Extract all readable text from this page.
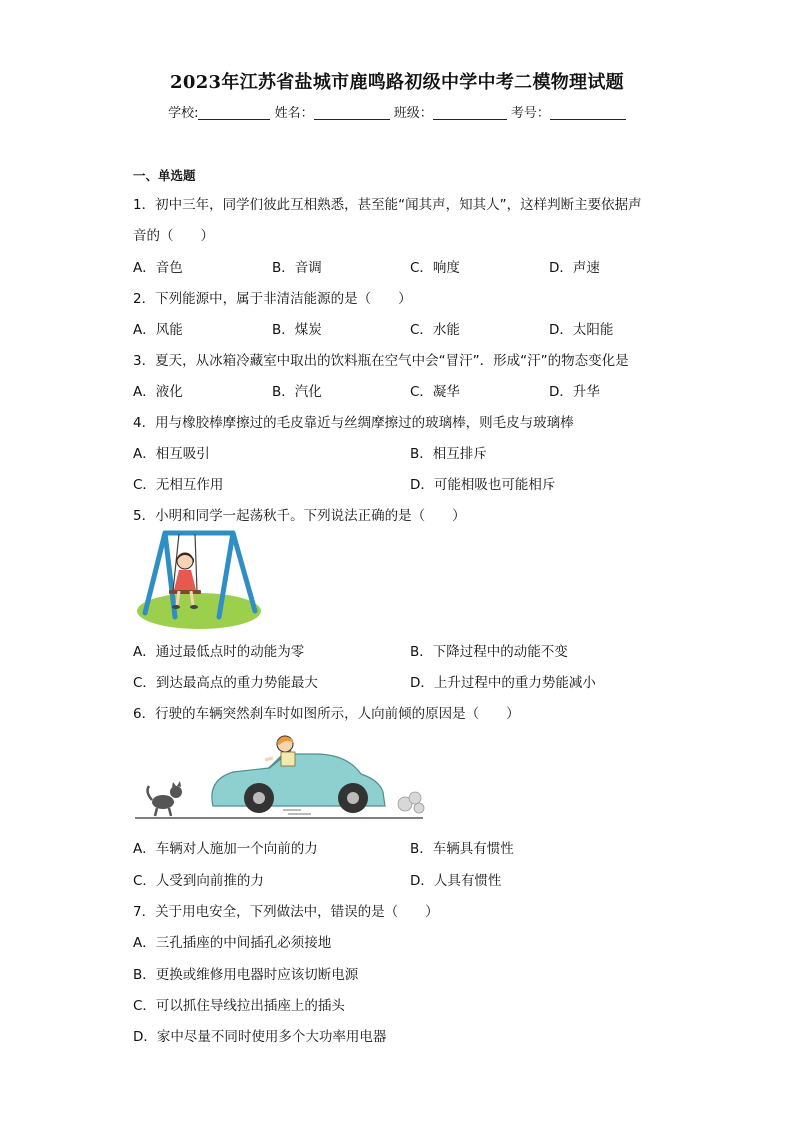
2023年江苏省盐城市鹿鸣路初级中学中考二模物理试题
学校:	姓名：	班级：	考号：
一、单选题
1．初中三年，同学们彼此互相熟悉，甚至能“闻其声，知其人”，这样判断主要依据声
音的（　　）
A．音色	B．音调	C．响度	D．声速
2．下列能源中，属于非清洁能源的是（　　）
A．风能	B．煤炭	C．水能	D．太阳能
3．夏天，从冰箱冷藏室中取出的饮料瓶在空气中会“冒汗”．形成“汗”的物态变化是
A．液化	B．汽化	C．凝华	D．升华
4．用与橡胶棒摩擦过的毛皮靠近与丝绸摩擦过的玻璃棒，则毛皮与玻璃棒
A．相互吸引	B．相互排斥
C．无相互作用	D．可能相吸也可能相斥
5．小明和同学一起荡秋千。下列说法正确的是（　　）
A．通过最低点时的动能为零	B．下降过程中的动能不变
C．到达最高点的重力势能最大	D．上升过程中的重力势能减小
6．行驶的车辆突然刹车时如图所示，人向前倾的原因是（　　）
A．车辆对人施加一个向前的力	B．车辆具有惯性
C．人受到向前推的力	D．人具有惯性
7．关于用电安全，下列做法中，错误的是（　　）
A．三孔插座的中间插孔必须接地
B．更换或维修用电器时应该切断电源
C．可以抓住导线拉出插座上的插头
D．家中尽量不同时使用多个大功率用电器
